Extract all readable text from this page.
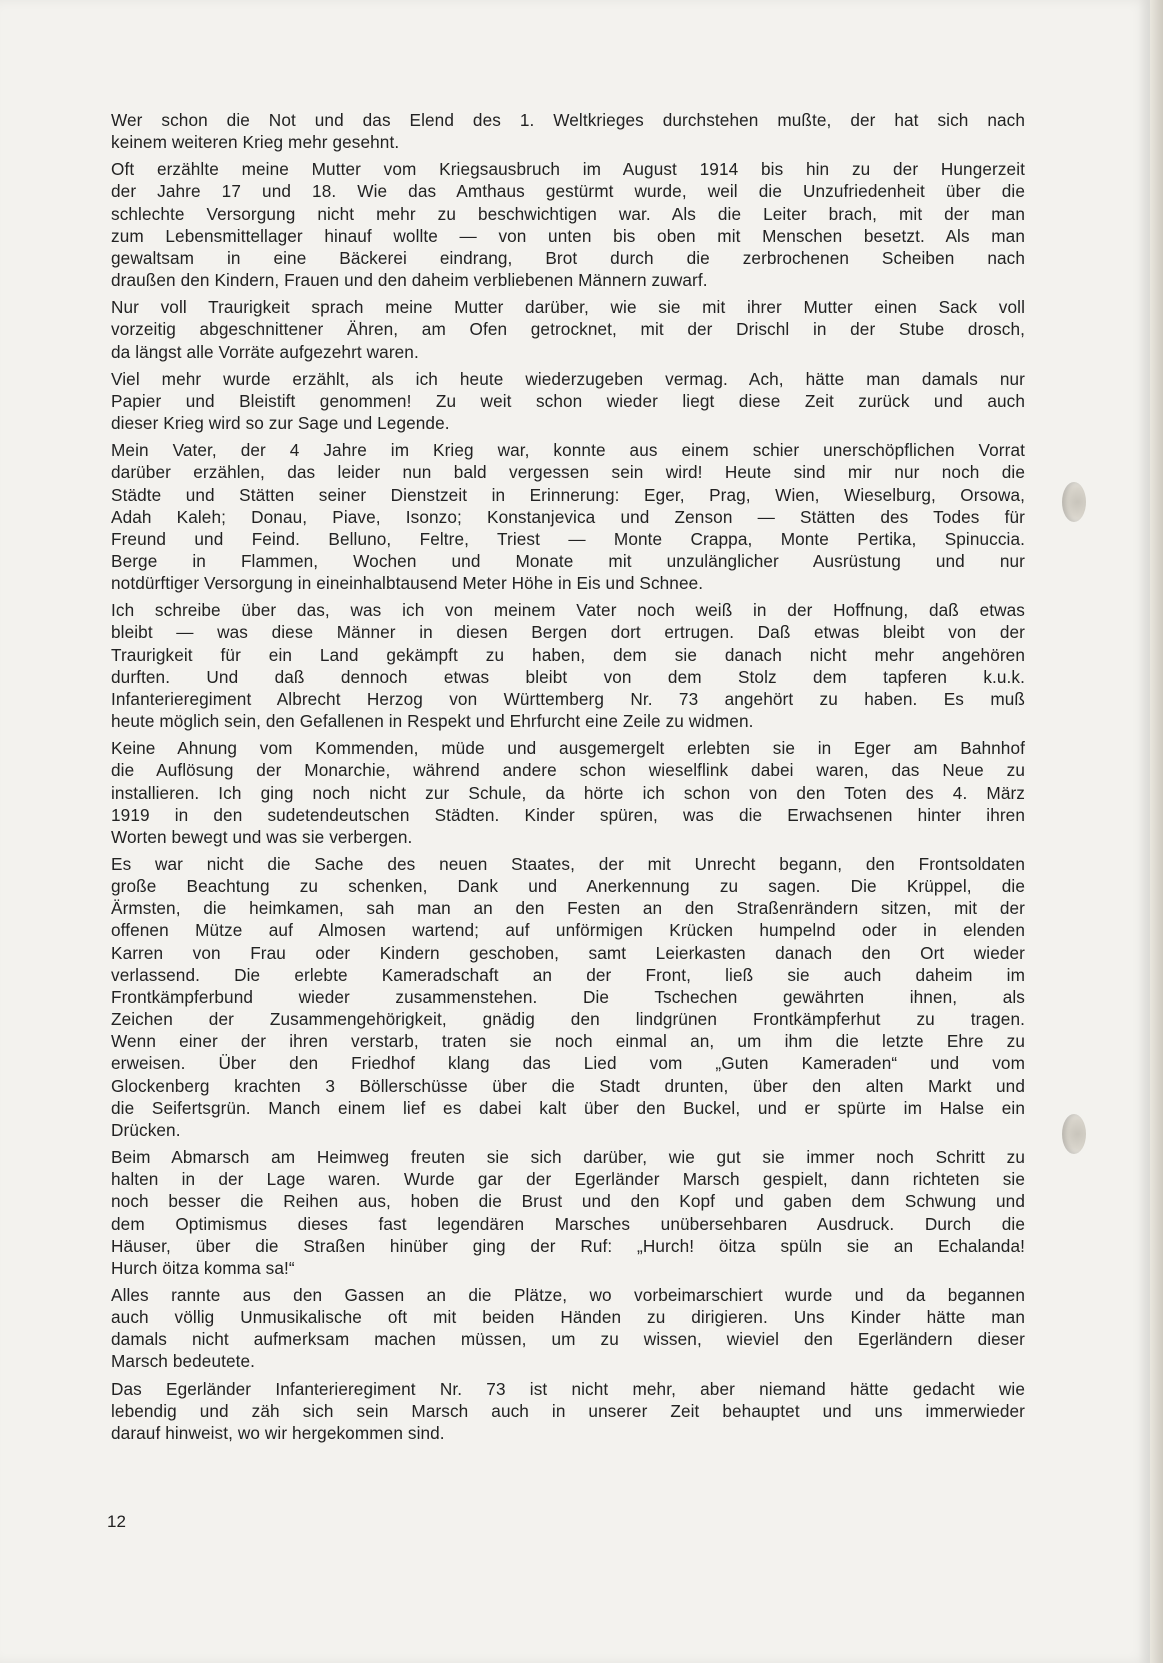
Wer schon die Not und das Elend des 1. Weltkrieges durchstehen mußte, der hat sich nach
keinem weiteren Krieg mehr gesehnt.
Oft erzählte meine Mutter vom Kriegsausbruch im August 1914 bis hin zu der Hungerzeit
der Jahre 17 und 18. Wie das Amthaus gestürmt wurde, weil die Unzufriedenheit über die
schlechte Versorgung nicht mehr zu beschwichtigen war. Als die Leiter brach, mit der man
zum Lebensmittellager hinauf wollte — von unten bis oben mit Menschen besetzt. Als man
gewaltsam in eine Bäckerei eindrang, Brot durch die zerbrochenen Scheiben nach
draußen den Kindern, Frauen und den daheim verbliebenen Männern zuwarf.
Nur voll Traurigkeit sprach meine Mutter darüber, wie sie mit ihrer Mutter einen Sack voll
vorzeitig abgeschnittener Ähren, am Ofen getrocknet, mit der Drischl in der Stube drosch,
da längst alle Vorräte aufgezehrt waren.
Viel mehr wurde erzählt, als ich heute wiederzugeben vermag. Ach, hätte man damals nur
Papier und Bleistift genommen! Zu weit schon wieder liegt diese Zeit zurück und auch
dieser Krieg wird so zur Sage und Legende.
Mein Vater, der 4 Jahre im Krieg war, konnte aus einem schier unerschöpflichen Vorrat
darüber erzählen, das leider nun bald vergessen sein wird! Heute sind mir nur noch die
Städte und Stätten seiner Dienstzeit in Erinnerung: Eger, Prag, Wien, Wieselburg, Orsowa,
Adah Kaleh; Donau, Piave, Isonzo; Konstanjevica und Zenson — Stätten des Todes für
Freund und Feind. Belluno, Feltre, Triest — Monte Crappa, Monte Pertika, Spinuccia.
Berge in Flammen, Wochen und Monate mit unzulänglicher Ausrüstung und nur
notdürftiger Versorgung in eineinhalbtausend Meter Höhe in Eis und Schnee.
Ich schreibe über das, was ich von meinem Vater noch weiß in der Hoffnung, daß etwas
bleibt — was diese Männer in diesen Bergen dort ertrugen. Daß etwas bleibt von der
Traurigkeit für ein Land gekämpft zu haben, dem sie danach nicht mehr angehören
durften. Und daß dennoch etwas bleibt von dem Stolz dem tapferen k.u.k.
Infanterieregiment Albrecht Herzog von Württemberg Nr. 73 angehört zu haben. Es muß
heute möglich sein, den Gefallenen in Respekt und Ehrfurcht eine Zeile zu widmen.
Keine Ahnung vom Kommenden, müde und ausgemergelt erlebten sie in Eger am Bahnhof
die Auflösung der Monarchie, während andere schon wieselflink dabei waren, das Neue zu
installieren. Ich ging noch nicht zur Schule, da hörte ich schon von den Toten des 4. März
1919 in den sudetendeutschen Städten. Kinder spüren, was die Erwachsenen hinter ihren
Worten bewegt und was sie verbergen.
Es war nicht die Sache des neuen Staates, der mit Unrecht begann, den Frontsoldaten
große Beachtung zu schenken, Dank und Anerkennung zu sagen. Die Krüppel, die
Ärmsten, die heimkamen, sah man an den Festen an den Straßenrändern sitzen, mit der
offenen Mütze auf Almosen wartend; auf unförmigen Krücken humpelnd oder in elenden
Karren von Frau oder Kindern geschoben, samt Leierkasten danach den Ort wieder
verlassend. Die erlebte Kameradschaft an der Front, ließ sie auch daheim im
Frontkämpferbund wieder zusammenstehen. Die Tschechen gewährten ihnen, als
Zeichen der Zusammengehörigkeit, gnädig den lindgrünen Frontkämpferhut zu tragen.
Wenn einer der ihren verstarb, traten sie noch einmal an, um ihm die letzte Ehre zu
erweisen. Über den Friedhof klang das Lied vom „Guten Kameraden“ und vom
Glockenberg krachten 3 Böllerschüsse über die Stadt drunten, über den alten Markt und
die Seifertsgrün. Manch einem lief es dabei kalt über den Buckel, und er spürte im Halse ein
Drücken.
Beim Abmarsch am Heimweg freuten sie sich darüber, wie gut sie immer noch Schritt zu
halten in der Lage waren. Wurde gar der Egerländer Marsch gespielt, dann richteten sie
noch besser die Reihen aus, hoben die Brust und den Kopf und gaben dem Schwung und
dem Optimismus dieses fast legendären Marsches unübersehbaren Ausdruck. Durch die
Häuser, über die Straßen hinüber ging der Ruf: „Hurch! öitza spüln sie an Echalanda!
Hurch öitza komma sa!“
Alles rannte aus den Gassen an die Plätze, wo vorbeimarschiert wurde und da begannen
auch völlig Unmusikalische oft mit beiden Händen zu dirigieren. Uns Kinder hätte man
damals nicht aufmerksam machen müssen, um zu wissen, wieviel den Egerländern dieser
Marsch bedeutete.
Das Egerländer Infanterieregiment Nr. 73 ist nicht mehr, aber niemand hätte gedacht wie
lebendig und zäh sich sein Marsch auch in unserer Zeit behauptet und uns immerwieder
darauf hinweist, wo wir hergekommen sind.
12
